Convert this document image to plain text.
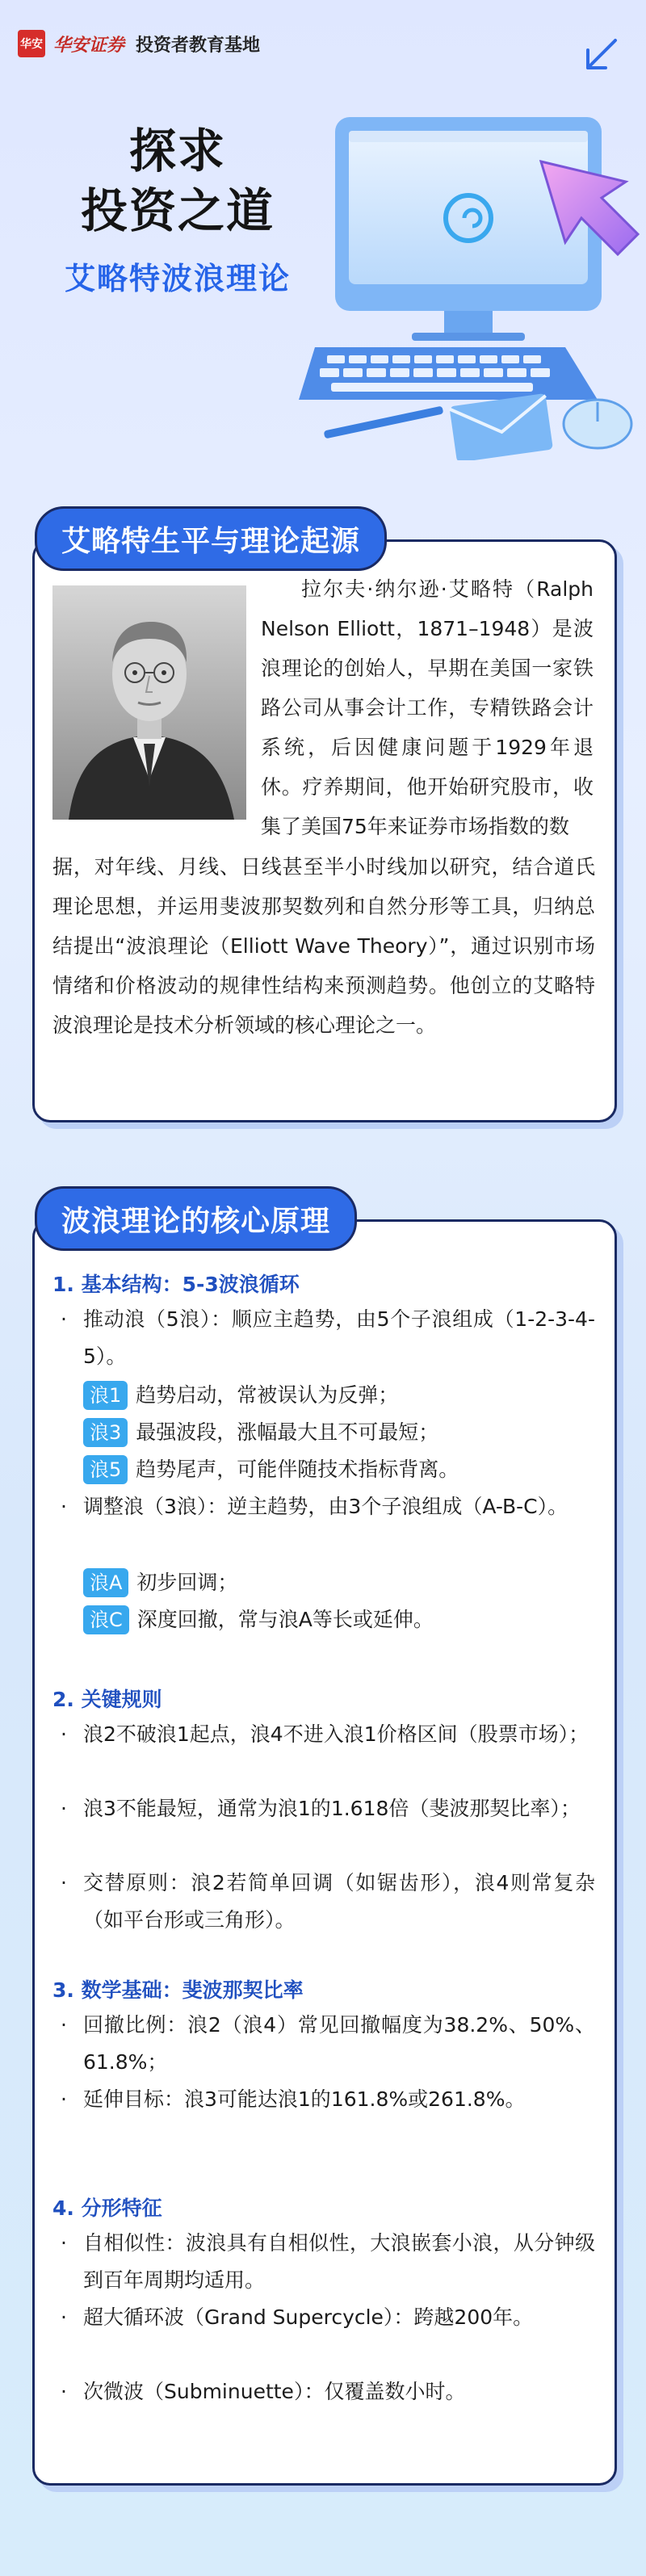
华安 华安证券 投资者教育基地
探求
投资之道
艾略特波浪理论
艾略特生平与理论起源

拉尔夫·纳尔逊·艾略特（Ralph Nelson Elliott，1871–1948）是波浪理论的创始人，早期在美国一家铁路公司从事会计工作，专精铁路会计系统，后因健康问题于1929年退休。疗养期间，他开始研究股市，收集了美国75年来证券市场指数的数

据，对年线、月线、日线甚至半小时线加以研究，结合道氏理论思想，并运用斐波那契数列和自然分形等工具，归纳总结提出“波浪理论（Elliott Wave Theory）”，通过识别市场情绪和价格波动的规律性结构来预测趋势。他创立的艾略特波浪理论是技术分析领域的核心理论之一。

波浪理论的核心原理
1. 基本结构：5-3波浪循环
· 推动浪（5浪）：顺应主趋势，由5个子浪组成（1-2-3-4-5）。
浪1 趋势启动，常被误认为反弹；
浪3 最强波段，涨幅最大且不可最短；
浪5 趋势尾声，可能伴随技术指标背离。
· 调整浪（3浪）：逆主趋势，由3个子浪组成（A-B-C）。
浪A 初步回调；
浪C 深度回撤，常与浪A等长或延伸。
2. 关键规则
· 浪2不破浪1起点，浪4不进入浪1价格区间（股票市场）；
· 浪3不能最短，通常为浪1的1.618倍（斐波那契比率）；
· 交替原则：浪2若简单回调（如锯齿形），浪4则常复杂（如平台形或三角形）。
3. 数学基础：斐波那契比率
· 回撤比例：浪2（浪4）常见回撤幅度为38.2%、50%、61.8%；
· 延伸目标：浪3可能达浪1的161.8%或261.8%。
4. 分形特征
· 自相似性：波浪具有自相似性，大浪嵌套小浪，从分钟级到百年周期均适用。
· 超大循环波（Grand Supercycle）：跨越200年。
· 次微波（Subminuette）：仅覆盖数小时。
